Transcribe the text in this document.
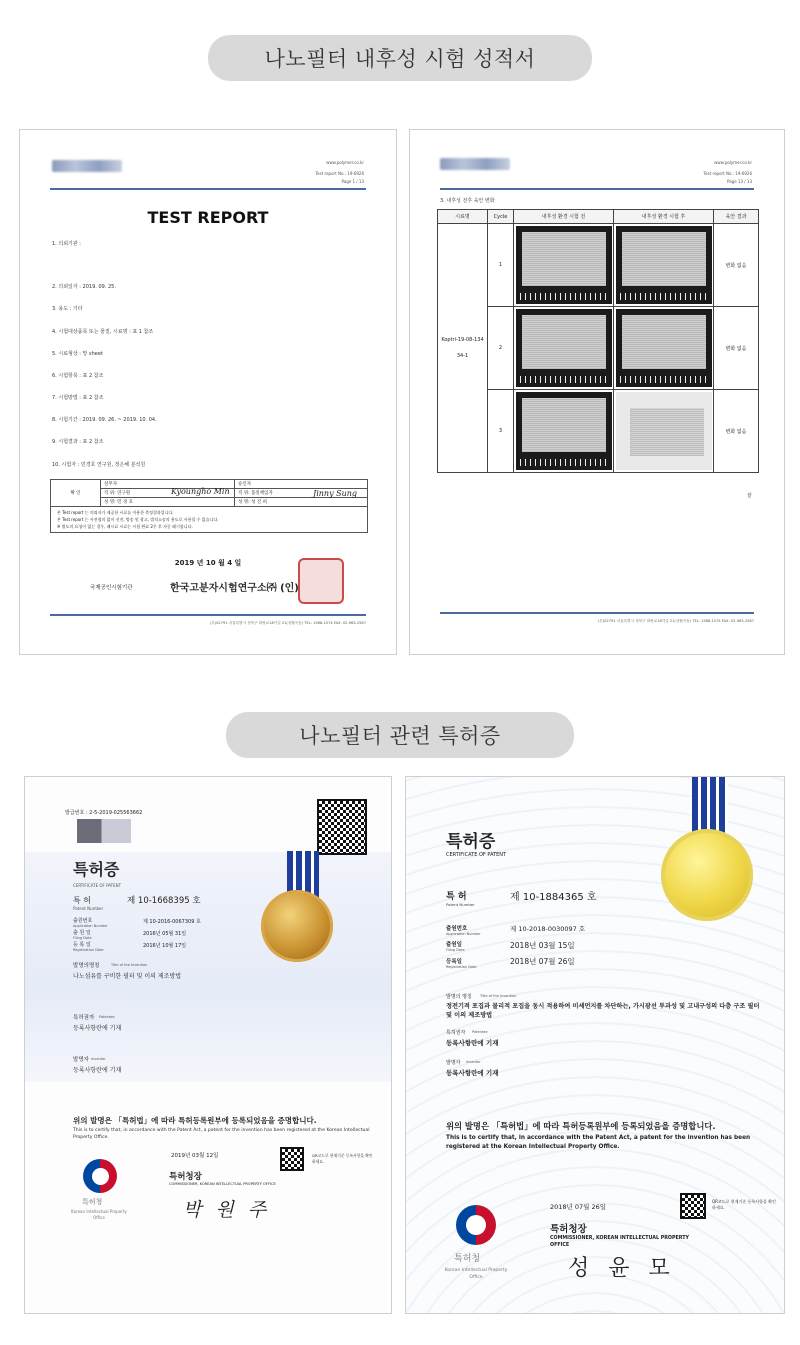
나노필터 내후성 시험 성적서
www.polymer.co.kr
Test report No.: 19-6926
Page 1 / 13
TEST REPORT
1. 의뢰기관 :
2. 의뢰일자 : 2019. 09. 25.
3. 용도 : 기타
4. 시험대상품목 또는 물질, 시료명 : 표 1 참조
5. 시료형상 : 망 sheet
6. 시험항목 : 표 2 참조
7. 시험방법 : 표 2 참조
8. 시험기간 : 2019. 09. 26. ~ 2019. 10. 04.
9. 시험결과 : 표 2 참조
10. 시험자 : 민경호 연구원, 정은혜 분석원
확 인	실무자	승인자
	직 위: 연구원 Kyoungho Min	직 위: 품질책임자 Jinny Sung

	성 명: 민 경 호	성 명: 성 진 희

본 Test report 는 의뢰자가 제공한 시료를 이용한 측정결과입니다.
본 Test report 는 사전협의 없이 선전, 방송 및 광고, 법적소송의 용도로 사용할 수 없습니다.
※ 별도의 요청이 없는 경우, 폐시료 시료는 시험 완료 2주 후 자동 폐기합니다.		
2019 년 10 월 4 일
국제공인시험기관	한국고분자시험연구소㈜ (인)
(우)02791 서울특별시 성북구 화랑로18가길 21(상월곡동) TEL: 1588-1574 FAX: 02-963-2587
www.polymer.co.kr
Test report No.: 19-6926
Page 13 / 13
3. 내후성 전후 육안 변화
시료명	Cycle	내후성 환경 시험 전	내후성 환경 시험 후	육안 결과
Koptri-19-08-13434-1	1			변화 없음
	2			변화 없음
	3			변화 없음
끝
(우)02791 서울특별시 성북구 화랑로18가길 21(상월곡동) TEL: 1588-1574 FAX: 02-963-2587
나노필터 관련 특허증
발급번호 : 2-5-2019-025563662
특허증
CERTIFICATE OF PATENT
특 허
Patent Number
제 10-1668395 호
출원번호
Application Number
제 10-2016-0067309 호
출 원 일
Filing Date
2016년 05월 31일
등 록 일
Registration Date
2016년 10월 17일
발명의명칭	Title of the Invention
나노섬유를 구비한 필터 및 이의 제조방법
특허권자 Patentee
등록사항란에 기재
발명자 Inventor
등록사항란에 기재
위의 발명은 「특허법」에 따라 특허등록원부에 등록되었음을 증명합니다.
This is to certify that, in accordance with the Patent Act, a patent for the invention has been registered at the Korean Intellectual Property Office.
특허청
Korean Intellectual Property Office
2019년 03월 12일	QR코드로 현재기준 등록사항을 확인하세요.
특허청장
COMMISSIONER, KOREAN INTELLECTUAL PROPERTY OFFICE
박 원 주
특허증
CERTIFICATE OF PATENT
특 허
Patent Number
제 10-1884365 호
출원번호
Application Number
제 10-2018-0030097 호
출원일
Filing Date	2018년 03월 15일
등록일
Registration Date
2018년 07월 26일
발명의 명칭 Title of the Invention
정전기적 포집과 물리적 포집을 동시 적용하여 미세먼지를 차단하는, 가시광선 투과성 및 고내구성의 다층 구조 필터 및 이의 제조방법
특허권자 Patentee
등록사항란에 기재
발명자 Inventor
등록사항란에 기재
위의 발명은 「특허법」에 따라 특허등록원부에 등록되었음을 증명합니다.
This is to certify that, in accordance with the Patent Act, a patent for the invention has been registered at the Korean Intellectual Property Office.
특허청
Korean Intellectual Property Office
2018년 07월 26일
QR코드로 현재기준 등록사항을 확인하세요.
특허청장
COMMISSIONER, KOREAN INTELLECTUAL PROPERTY OFFICE
성 윤 모
